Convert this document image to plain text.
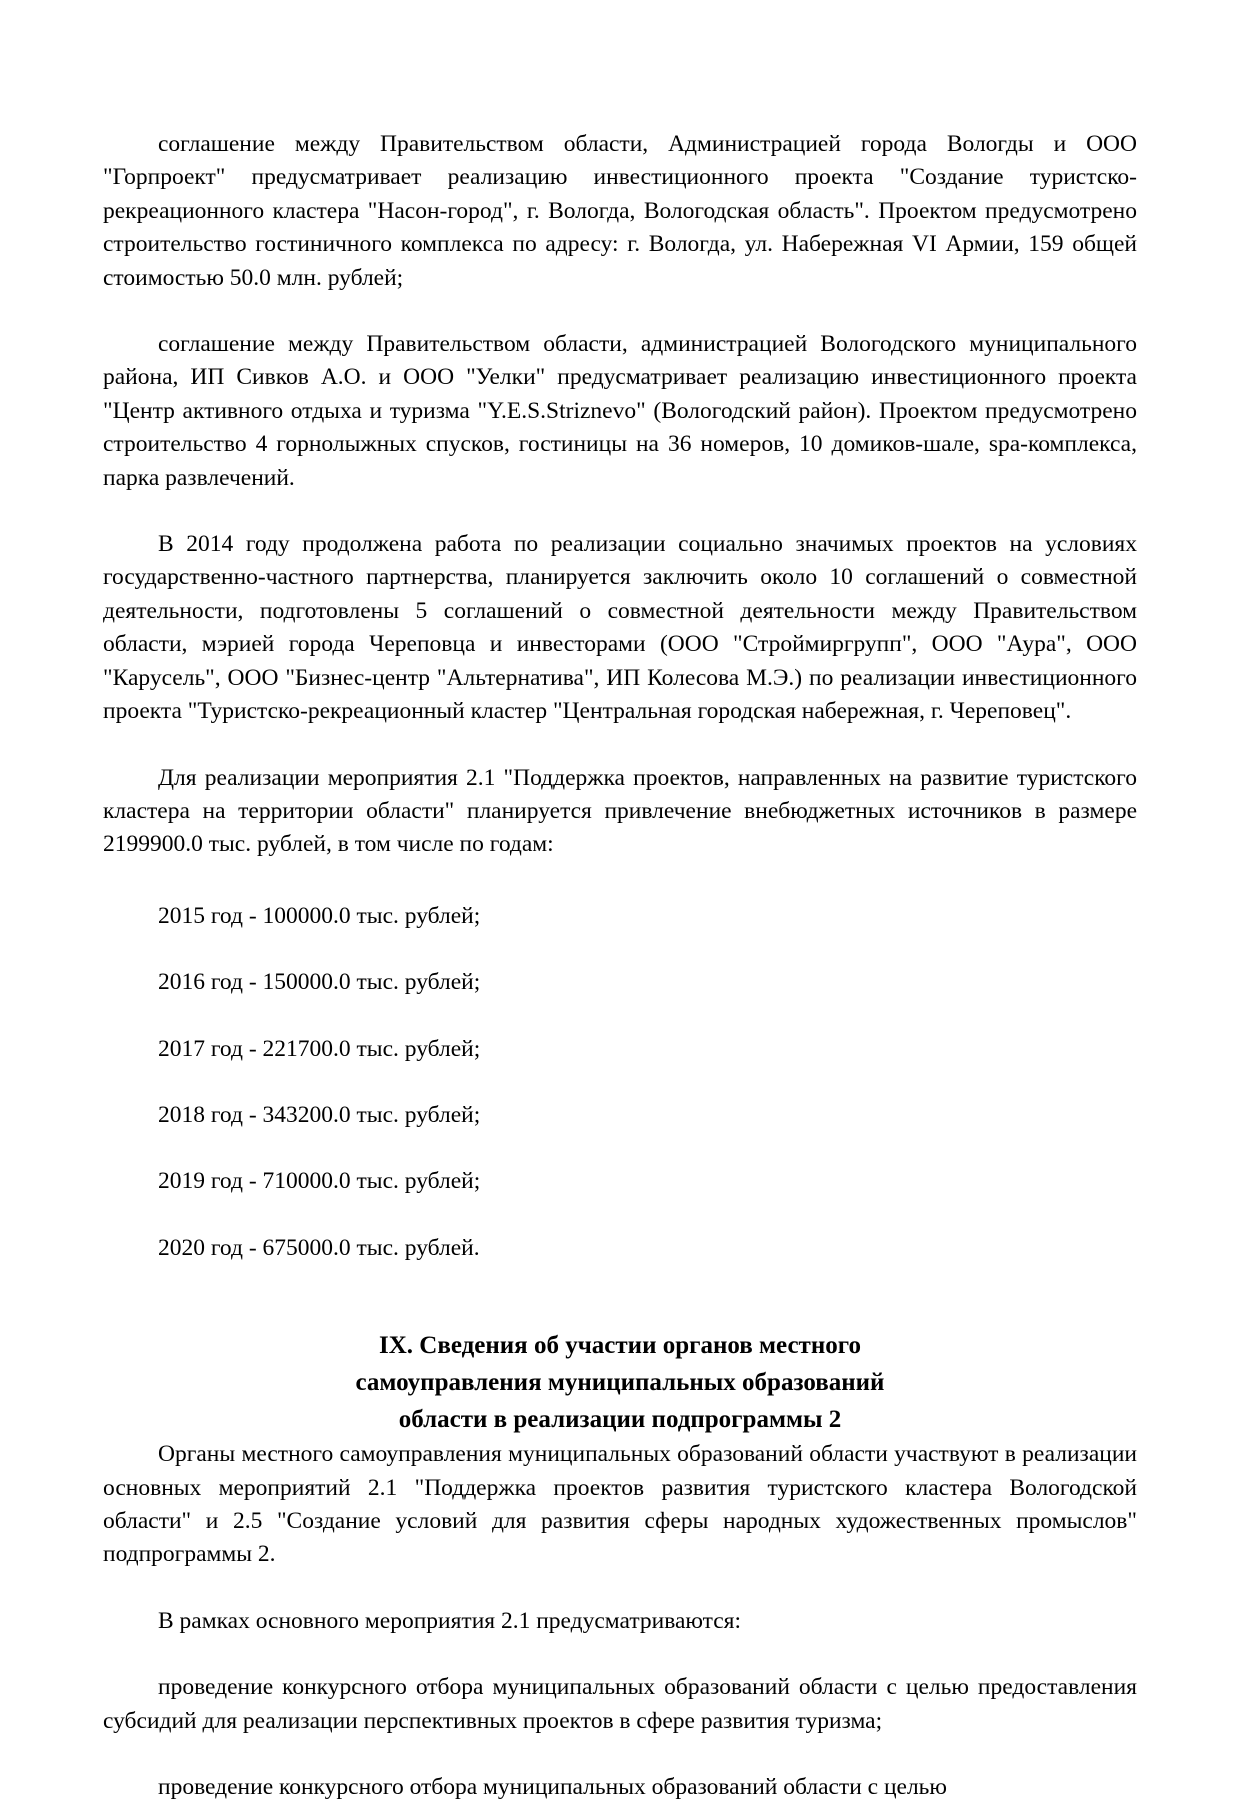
соглашение между Правительством области, Администрацией города Вологды и ООО "Горпроект" предусматривает реализацию инвестиционного проекта "Создание туристско-рекреационного кластера "Насон-город", г. Вологда, Вологодская область". Проектом предусмотрено строительство гостиничного комплекса по адресу: г. Вологда, ул. Набережная VI Армии, 159 общей стоимостью 50.0 млн. рублей;

соглашение между Правительством области, администрацией Вологодского муниципального района, ИП Сивков А.О. и ООО "Уелки" предусматривает реализацию инвестиционного проекта "Центр активного отдыха и туризма "Y.E.S.Striznevo" (Вологодский район). Проектом предусмотрено строительство 4 горнолыжных спусков, гостиницы на 36 номеров, 10 домиков-шале, spa-комплекса, парка развлечений.

В 2014 году продолжена работа по реализации социально значимых проектов на условиях государственно-частного партнерства, планируется заключить около 10 соглашений о совместной деятельности, подготовлены 5 соглашений о совместной деятельности между Правительством области, мэрией города Череповца и инвесторами (ООО "Строймиргрупп", ООО "Аура", ООО "Карусель", ООО "Бизнес-центр "Альтернатива", ИП Колесова М.Э.) по реализации инвестиционного проекта "Туристско-рекреационный кластер "Центральная городская набережная, г. Череповец".

Для реализации мероприятия 2.1 "Поддержка проектов, направленных на развитие туристского кластера на территории области" планируется привлечение внебюджетных источников в размере 2199900.0 тыс. рублей, в том числе по годам:

2015 год - 100000.0 тыс. рублей;

2016 год - 150000.0 тыс. рублей;

2017 год - 221700.0 тыс. рублей;

2018 год - 343200.0 тыс. рублей;

2019 год - 710000.0 тыс. рублей;

2020 год - 675000.0 тыс. рублей.

IX. Сведения об участии органов местного
самоуправления муниципальных образований
области в реализации подпрограммы 2

Органы местного самоуправления муниципальных образований области участвуют в реализации основных мероприятий 2.1 "Поддержка проектов развития туристского кластера Вологодской области" и 2.5 "Создание условий для развития сферы народных художественных промыслов" подпрограммы 2.

В рамках основного мероприятия 2.1 предусматриваются:

проведение конкурсного отбора муниципальных образований области с целью предоставления субсидий для реализации перспективных проектов в сфере развития туризма;

проведение конкурсного отбора муниципальных образований области с целью
